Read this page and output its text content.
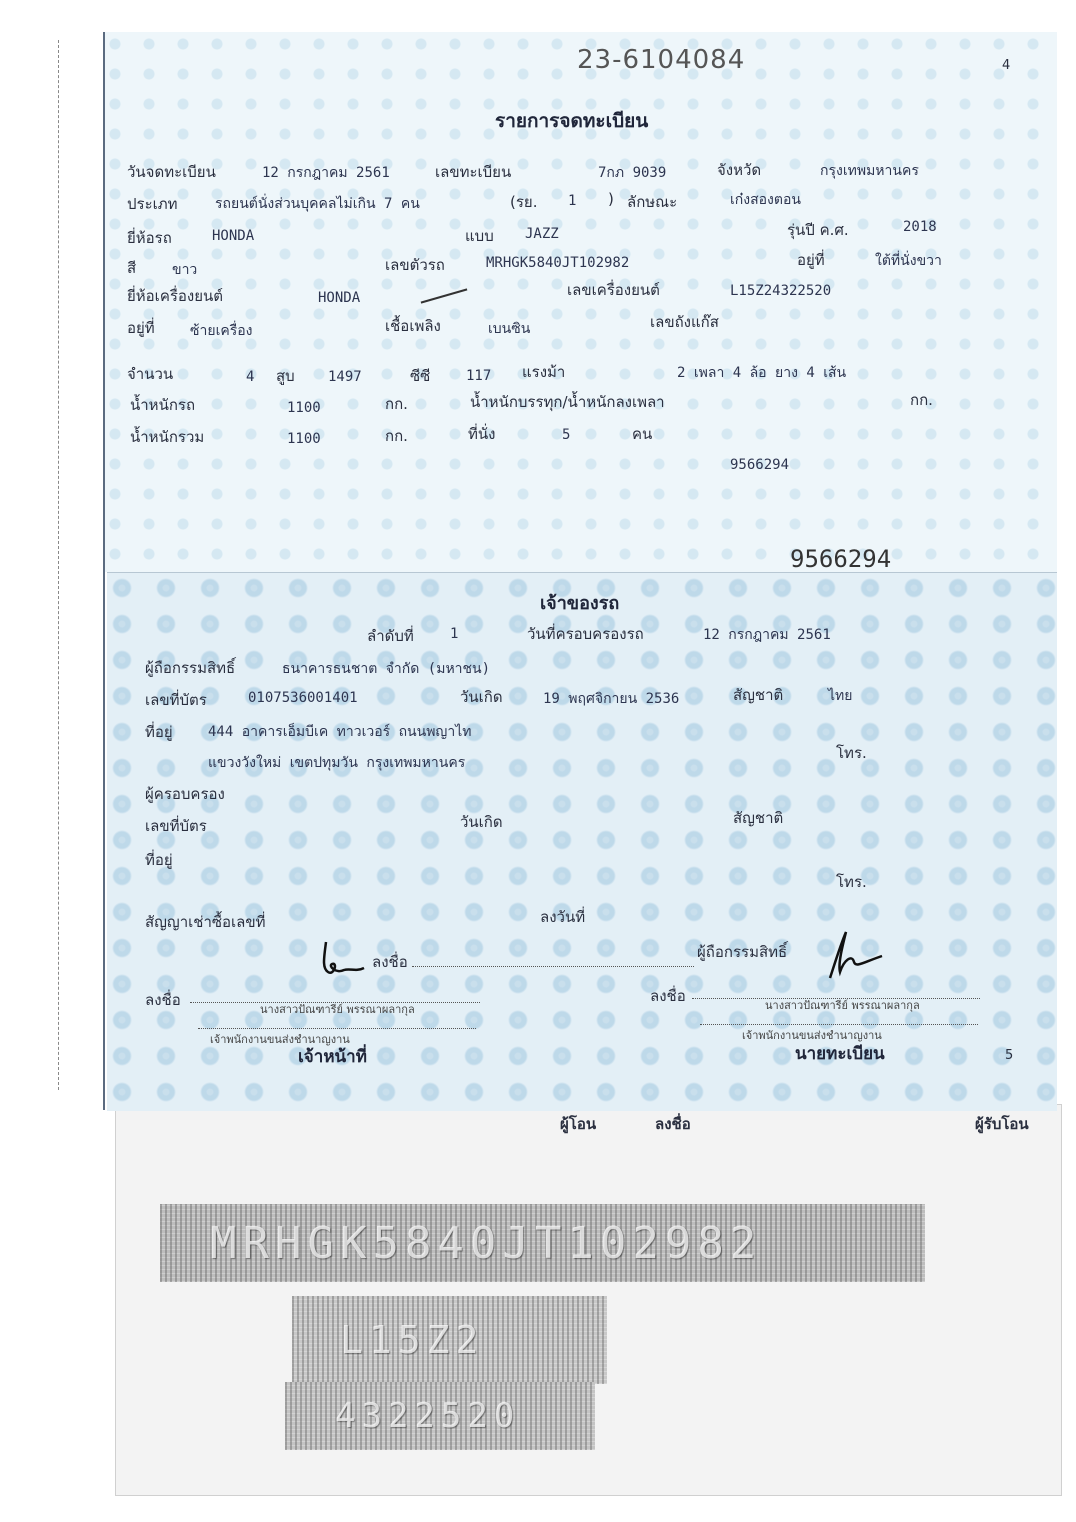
ผู้โอน	ลงชื่อ	ผู้รับโอน
23-6104084	4
รายการจดทะเบียน
วันจดทะเบียน	12 กรกฎาคม 2561	เลขทะเบียน	7กภ 9039	จังหวัด	กรุงเทพมหานคร
ประเภท	รถยนต์นั่งส่วนบุคคลไม่เกิน 7 คน	(รย. 1 ) ลักษณะ	เก๋งสองตอน
ยี่ห้อรถ	HONDA	แบบ JAZZ	รุ่นปี ค.ศ.	2018
สี	ขาว	เลขตัวรถ	MRHGK5840JT102982	อยู่ที่	ใต้ที่นั่งขวา
ยี่ห้อเครื่องยนต์	HONDA	เลขเครื่องยนต์	L15Z24322520
อยู่ที่	ซ้ายเครื่อง	เชื้อเพลิง	เบนซิน	เลขถังแก๊ส
จำนวน	4 สูบ 1497	ซีซี	117 แรงม้า	2 เพลา 4 ล้อ ยาง 4 เส้น
น้ำหนักรถ	1100	กก.	น้ำหนักบรรทุก/น้ำหนักลงเพลา	กก.
น้ำหนักรวม	1100	กก.	ที่นั่ง	5	คน
9566294
9566294
เจ้าของรถ
ลำดับที่	1	วันที่ครอบครองรถ	12 กรกฎาคม 2561
ผู้ถือกรรมสิทธิ์	ธนาคารธนชาต จำกัด (มหาชน)
เลขที่บัตร	0107536001401	วันเกิด	19 พฤศจิกายน 2536	สัญชาติ	ไทย
ที่อยู่	444 อาคารเอ็มบีเค ทาวเวอร์ ถนนพญาไท
โทร.
แขวงวังใหม่ เขตปทุมวัน กรุงเทพมหานคร
ผู้ครอบครอง
เลขที่บัตร	วันเกิด	สัญชาติ
ที่อยู่
โทร.
สัญญาเช่าซื้อเลขที่	ลงวันที่
ลงชื่อ
ผู้ถือกรรมสิทธิ์
ลงชื่อ
นางสาวปัณฑารีย์ พรรณาผลากุล
เจ้าพนักงานขนส่งชำนาญงาน
เจ้าหน้าที่
ลงชื่อ
นางสาวปัณฑารีย์ พรรณาผลากุล
เจ้าพนักงานขนส่งชำนาญงาน
นายทะเบียน	5
MRHGK5840JT102982
L15Z2
4322520
